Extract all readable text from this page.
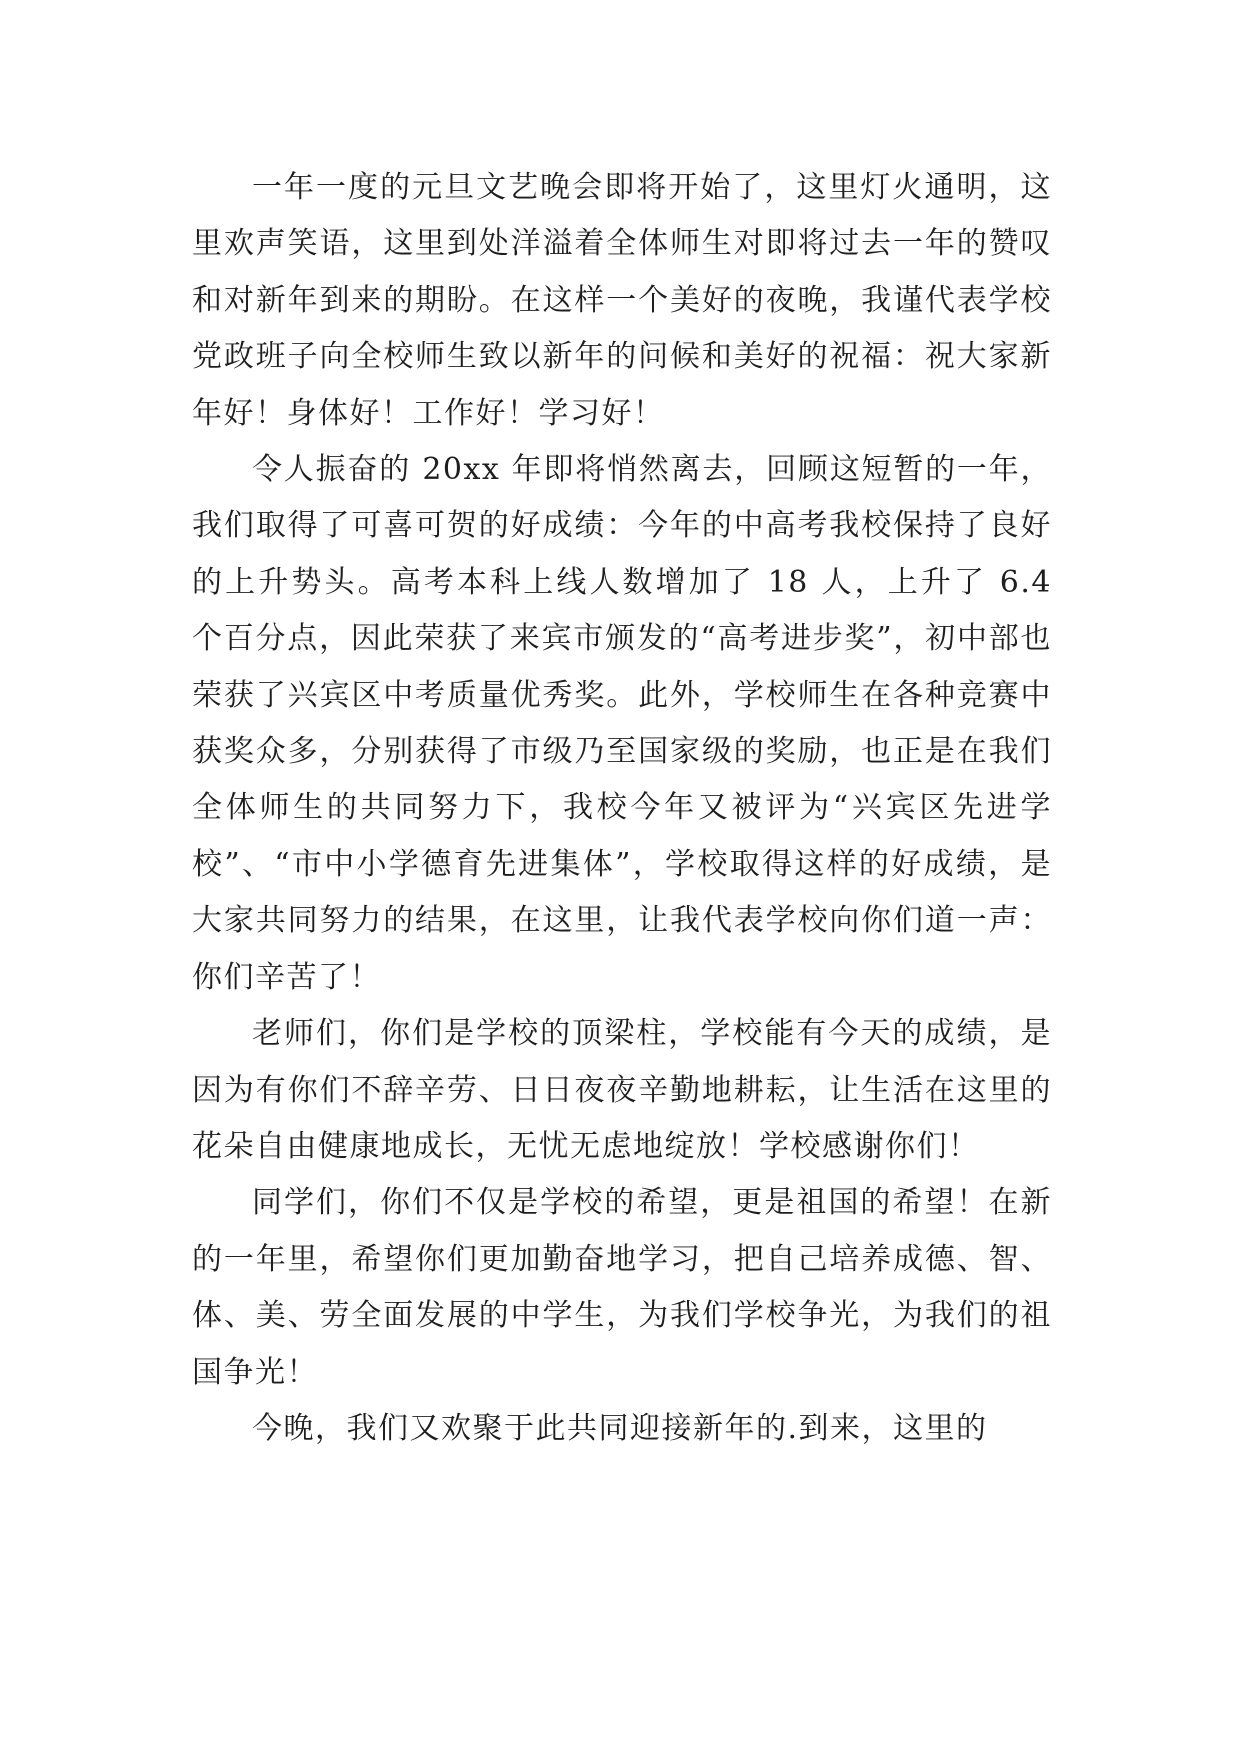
一年一度的元旦文艺晚会即将开始了，这里灯火通明，这里欢声笑语，这里到处洋溢着全体师生对即将过去一年的赞叹和对新年到来的期盼。在这样一个美好的夜晚，我谨代表学校党政班子向全校师生致以新年的问候和美好的祝福：祝大家新年好！身体好！工作好！学习好！

令人振奋的 20xx 年即将悄然离去，回顾这短暂的一年，我们取得了可喜可贺的好成绩：今年的中高考我校保持了良好的上升势头。高考本科上线人数增加了 18 人，上升了 6.4 个百分点，因此荣获了来宾市颁发的“高考进步奖”，初中部也荣获了兴宾区中考质量优秀奖。此外，学校师生在各种竞赛中获奖众多，分别获得了市级乃至国家级的奖励，也正是在我们全体师生的共同努力下，我校今年又被评为“兴宾区先进学校”、“市中小学德育先进集体”，学校取得这样的好成绩，是大家共同努力的结果，在这里，让我代表学校向你们道一声：你们辛苦了！

老师们，你们是学校的顶梁柱，学校能有今天的成绩，是因为有你们不辞辛劳、日日夜夜辛勤地耕耘，让生活在这里的花朵自由健康地成长，无忧无虑地绽放！学校感谢你们！

同学们，你们不仅是学校的希望，更是祖国的希望！在新的一年里，希望你们更加勤奋地学习，把自己培养成德、智、体、美、劳全面发展的中学生，为我们学校争光，为我们的祖国争光！

今晚，我们又欢聚于此共同迎接新年的.到来，这里的
